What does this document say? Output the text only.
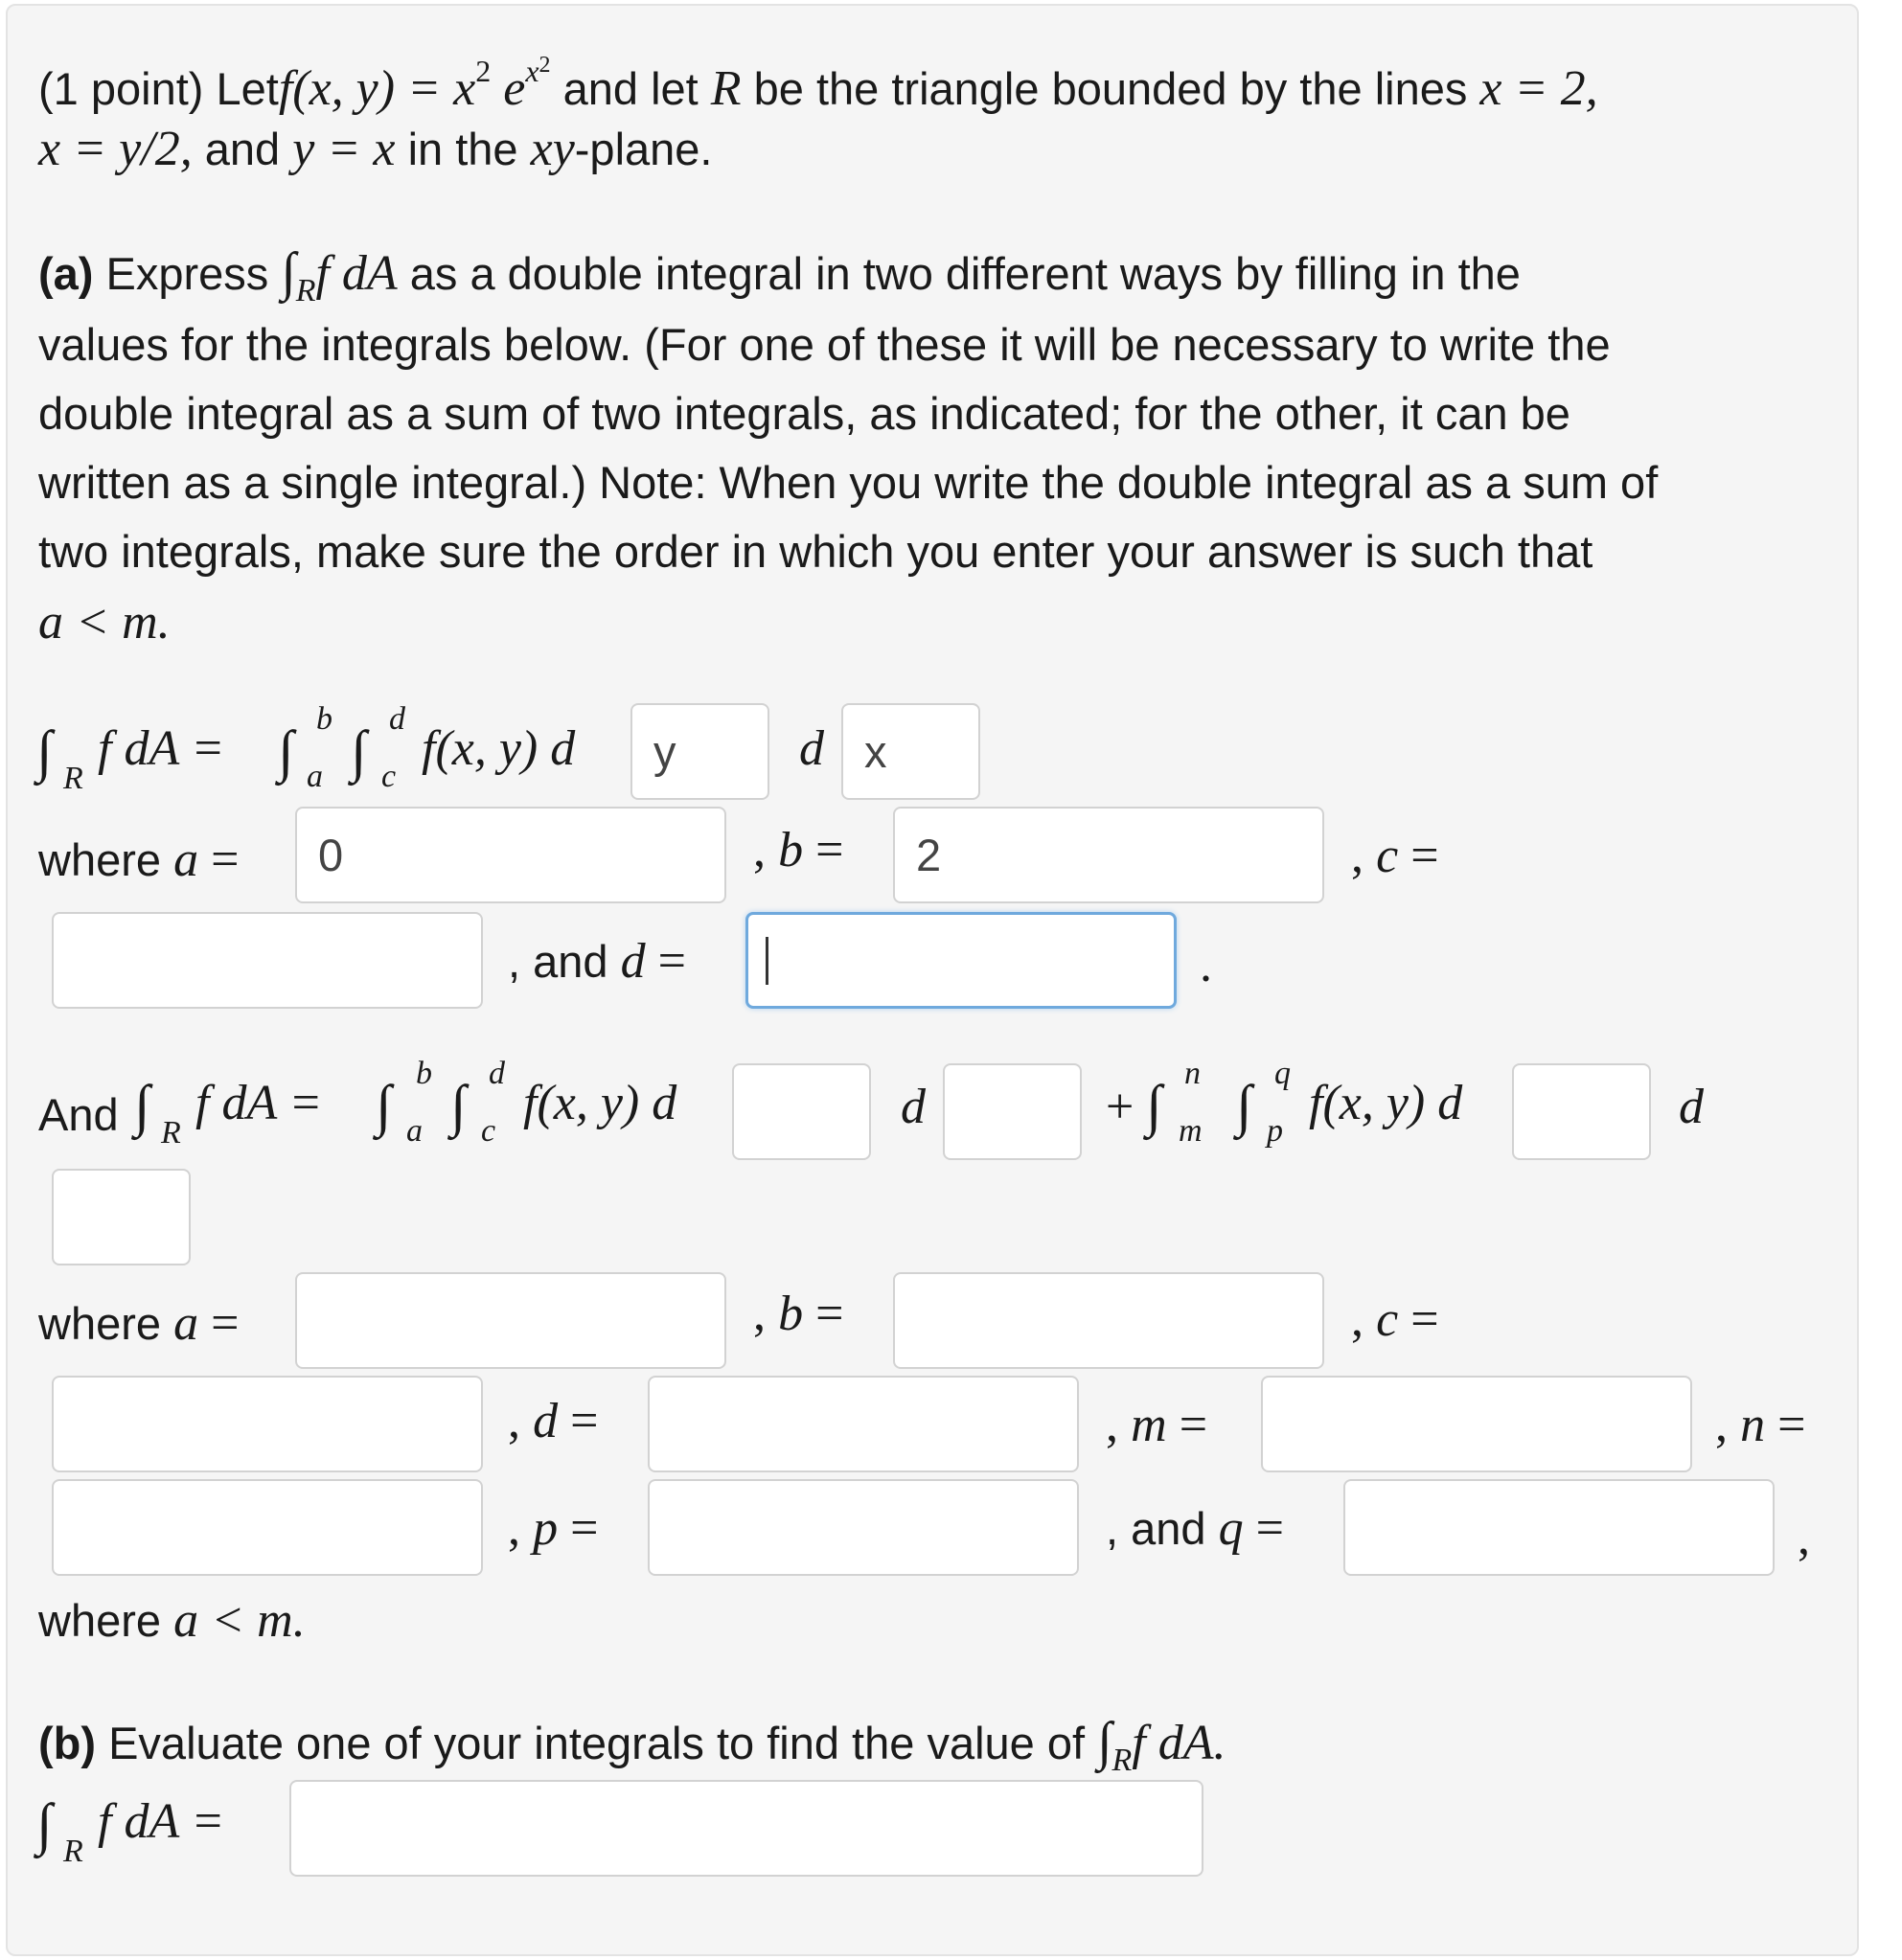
(1 point) Letf(x, $y) = x^2$ $e^{x^2}$ and let R be the triangle bounded by the lines x = 2,
x = y/2, and y = x in the xy-plane.
(a) Express $\int_Rf$ dA as a double integral in two different ways by filling in the
values for the integrals below. (For one of these it will be necessary to write the
double integral as a sum of two integrals, as indicated; for the other, it can be
written as a single integral.) Note: When you write the double integral as a sum of
two integrals, make sure the order in which you enter your answer is such that
a < m.
∫ R
f dA = ∫
b
a ∫
d
c
f(x, y) d	y	d x
where a =	0	, b =	2	, c =
, and d =	.
And ∫ R
f dA = ∫
b
a ∫
d
c
f(x, y) d	d	+ ∫
n
m ∫
q
p
f(x, y) d	d
where a =	, b =	, c =
, d =	, m =	, n =
, p =	, and q =	,
where a < m.
(b) Evaluate one of your integrals to find the value of $\int_Rf$ dA.
∫ R
f dA =
